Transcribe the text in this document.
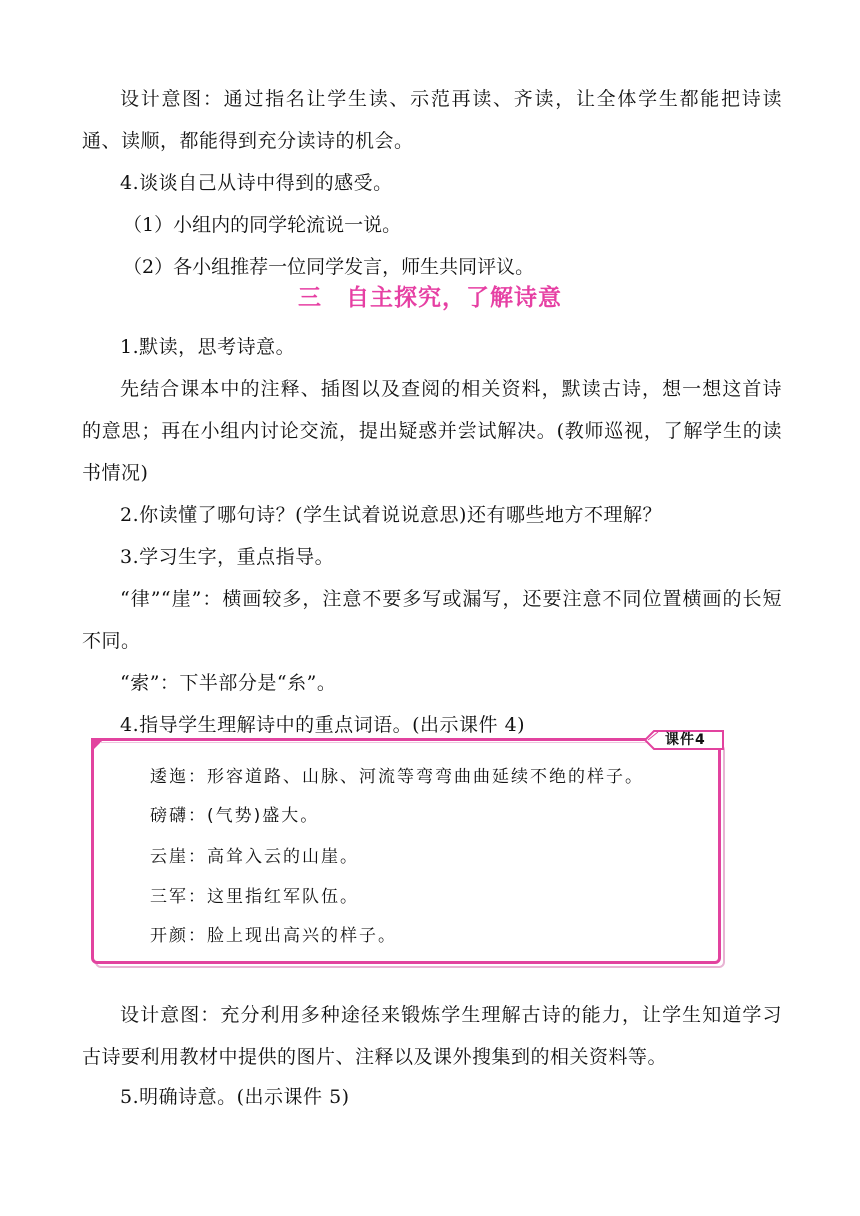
设计意图：通过指名让学生读、示范再读、齐读，让全体学生都能把诗读通、读顺，都能得到充分读诗的机会。

4.谈谈自己从诗中得到的感受。

（1）小组内的同学轮流说一说。
（2）各小组推荐一位同学发言，师生共同评议。
三　自主探究，了解诗意

1.默读，思考诗意。

先结合课本中的注释、插图以及查阅的相关资料，默读古诗，想一想这首诗的意思；再在小组内讨论交流，提出疑惑并尝试解决。(教师巡视，了解学生的读书情况)

2.你读懂了哪句诗？(学生试着说说意思)还有哪些地方不理解？

3.学习生字，重点指导。

“律”“崖”：横画较多，注意不要多写或漏写，还要注意不同位置横画的长短不同。

“索”：下半部分是“糸”。

4.指导学生理解诗中的重点词语。(出示课件 4)

课件4
逶迤：形容道路、山脉、河流等弯弯曲曲延续不绝的样子。
磅礴：(气势)盛大。
云崖：高耸入云的山崖。
三军：这里指红军队伍。
开颜：脸上现出高兴的样子。

设计意图：充分利用多种途径来锻炼学生理解古诗的能力，让学生知道学习古诗要利用教材中提供的图片、注释以及课外搜集到的相关资料等。

5.明确诗意。(出示课件 5)
